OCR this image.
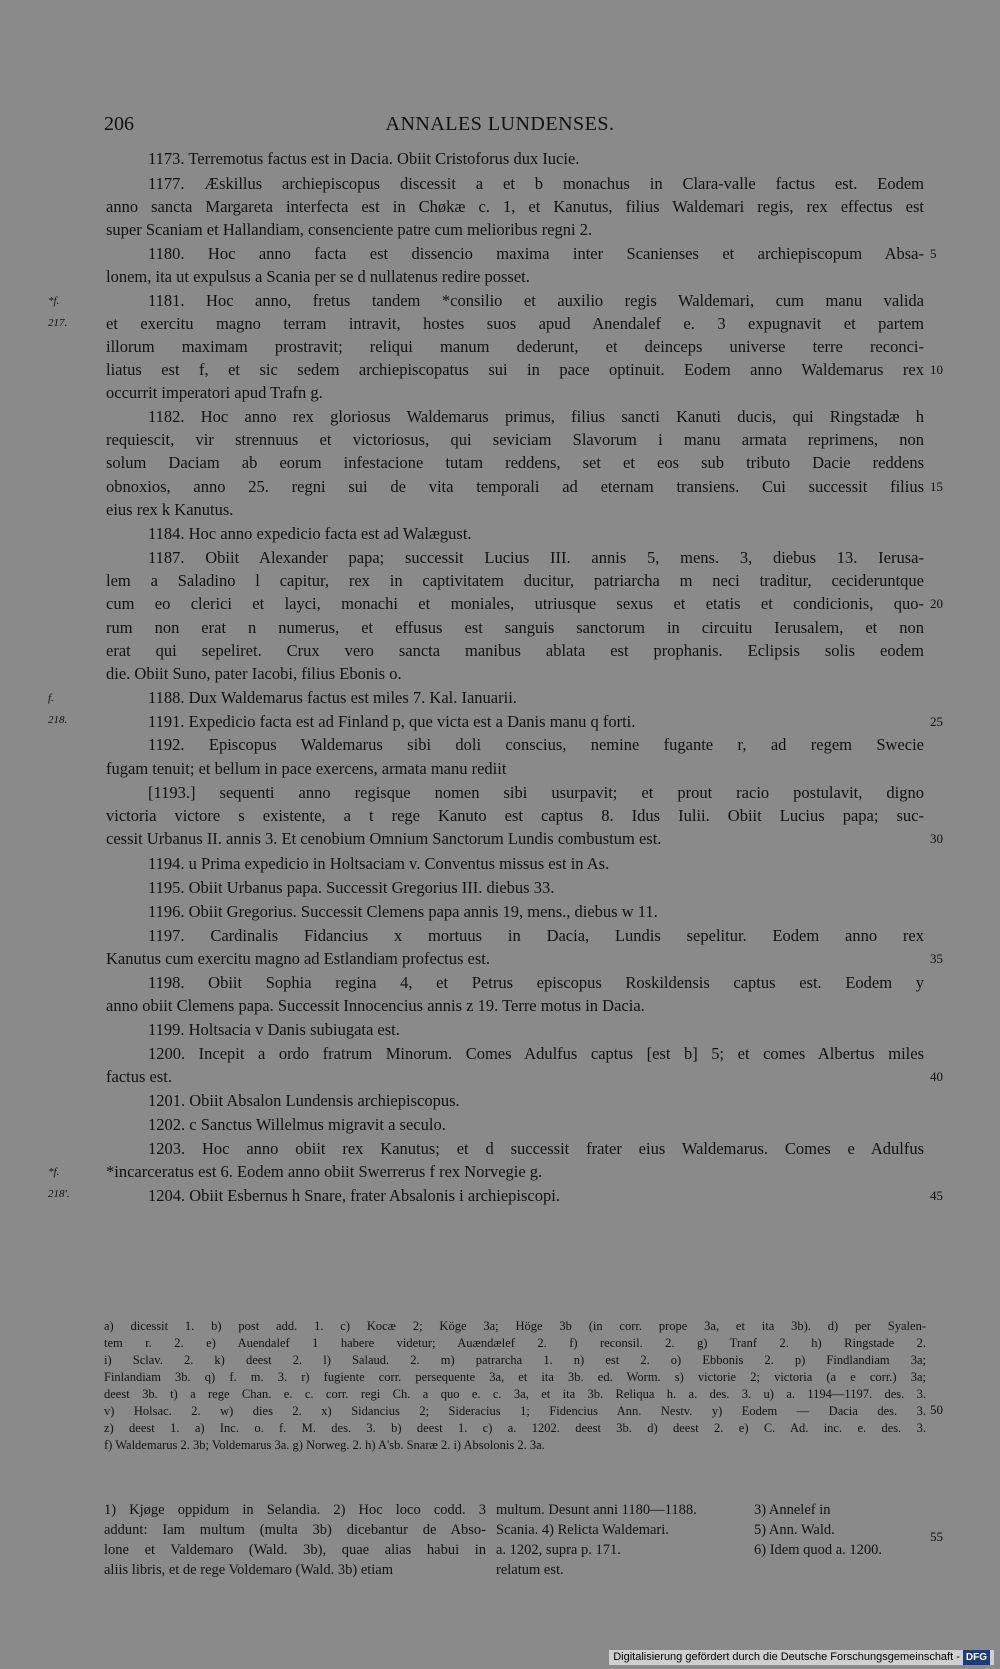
206	ANNALES LUNDENSES.
1173. Terremotus factus est in Dacia. Obiit Cristoforus dux Iucie.
1177. Æskillus archiepiscopus discessit a et b monachus in Clara-valle factus est. Eodem
anno sancta Margareta interfecta est in Chøkæ c. 1, et Kanutus, filius Waldemari regis, rex effectus est
super Scaniam et Hallandiam, consenciente patre cum melioribus regni 2.
1180. Hoc anno facta est dissencio maxima inter Scanienses et archiepiscopum Absa-
lonem, ita ut expulsus a Scania per se d nullatenus redire posset.
1181. Hoc anno, fretus tandem *consilio et auxilio regis Waldemari, cum manu valida
et exercitu magno terram intravit, hostes suos apud Anendalef e. 3 expugnavit et partem
illorum maximam prostravit; reliqui manum dederunt, et deinceps universe terre reconci-
liatus est f, et sic sedem archiepiscopatus sui in pace optinuit. Eodem anno Waldemarus rex
occurrit imperatori apud Trafn g.
1182. Hoc anno rex gloriosus Waldemarus primus, filius sancti Kanuti ducis, qui Ringstadæ h
requiescit, vir strennuus et victoriosus, qui seviciam Slavorum i manu armata reprimens, non
solum Daciam ab eorum infestacione tutam reddens, set et eos sub tributo Dacie reddens
obnoxios, anno 25. regni sui de vita temporali ad eternam transiens. Cui successit filius
eius rex k Kanutus.
1184. Hoc anno expedicio facta est ad Walægust.
1187. Obiit Alexander papa; successit Lucius III. annis 5, mens. 3, diebus 13. Ierusa-
lem a Saladino l capitur, rex in captivitatem ducitur, patriarcha m neci traditur, cecideruntque
cum eo clerici et layci, monachi et moniales, utriusque sexus et etatis et condicionis, quo-
rum non erat n numerus, et effusus est sanguis sanctorum in circuitu Ierusalem, et non
erat qui sepeliret. Crux vero sancta manibus ablata est prophanis. Eclipsis solis eodem
die. Obiit Suno, pater Iacobi, filius Ebonis o.
1188. Dux Waldemarus factus est miles 7. Kal. Ianuarii.
1191. Expedicio facta est ad Finland p, que victa est a Danis manu q forti.
1192. Episcopus Waldemarus sibi doli conscius, nemine fugante r, ad regem Swecie
fugam tenuit; et bellum in pace exercens, armata manu rediit
[1193.] sequenti anno regisque nomen sibi usurpavit; et prout racio postulavit, digno
victoria victore s existente, a t rege Kanuto est captus 8. Idus Iulii. Obiit Lucius papa; suc-
cessit Urbanus II. annis 3. Et cenobium Omnium Sanctorum Lundis combustum est.
1194. u Prima expedicio in Holtsaciam v. Conventus missus est in As.
1195. Obiit Urbanus papa. Successit Gregorius III. diebus 33.
1196. Obiit Gregorius. Successit Clemens papa annis 19, mens., diebus w 11.
1197. Cardinalis Fidancius x mortuus in Dacia, Lundis sepelitur. Eodem anno rex
Kanutus cum exercitu magno ad Estlandiam profectus est.
1198. Obiit Sophia regina 4, et Petrus episcopus Roskildensis captus est. Eodem y
anno obiit Clemens papa. Successit Innocencius annis z 19. Terre motus in Dacia.
1199. Holtsacia v Danis subiugata est.
1200. Incepit a ordo fratrum Minorum. Comes Adulfus captus [est b] 5; et comes Albertus miles
factus est.
1201. Obiit Absalon Lundensis archiepiscopus.
1202. c Sanctus Willelmus migravit a seculo.
1203. Hoc anno obiit rex Kanutus; et d successit frater eius Waldemarus. Comes e Adulfus
*incarceratus est 6. Eodem anno obiit Swerrerus f rex Norvegie g.
1204. Obiit Esbernus h Snare, frater Absalonis i archiepiscopi.
5
10
15
20
25
30
35
40
45
*f. 217.
f. 218.
*f. 218'.
a) dicessit 1. b) post add. 1. c) Kocæ 2; Köge 3a; Höge 3b (in corr. prope 3a, et ita 3b). d) per Syalen-
tem r. 2. e) Auendalef 1 habere videtur; Auændælef 2. f) reconsil. 2. g) Tranf 2. h) Ringstade 2.
i) Sclav. 2. k) deest 2. l) Salaud. 2. m) patrarcha 1. n) est 2. o) Ebbonis 2. p) Findlandiam 3a;
Finlandiam 3b. q) f. m. 3. r) fugiente corr. persequente 3a, et ita 3b. ed. Worm. s) victorie 2; victoria (a e corr.) 3a;
deest 3b. t) a rege Chan. e. c. corr. regi Ch. a quo e. c. 3a, et ita 3b. Reliqua h. a. des. 3. u) a. 1194—1197. des. 3.
v) Holsac. 2. w) dies 2. x) Sidancius 2; Sideracius 1; Fidencius Ann. Nestv. y) Eodem — Dacia des. 3.
z) deest 1. a) Inc. o. f. M. des. 3. b) deest 1. c) a. 1202. deest 3b. d) deest 2. e) C. Ad. inc. e. des. 3.
f) Waldemarus 2. 3b; Voldemarus 3a. g) Norweg. 2. h) A'sb. Snaræ 2. i) Absolonis 2. 3a.
50
1) Kjøge oppidum in Selandia. 2) Hoc loco codd. 3
addunt: Iam multum (multa 3b) dicebantur de Abso-
lone et Valdemaro (Wald. 3b), quae alias habui in
aliis libris, et de rege Voldemaro (Wald. 3b) etiam
multum. Desunt anni 1180—1188.
Scania. 4) Relicta Waldemari.
a. 1202, supra p. 171.
relatum est.
3) Annelef in
5) Ann. Wald.
6) Idem quod a. 1200.
55
Digitalisierung gefördert durch die Deutsche Forschungsgemeinschaft - DFG
